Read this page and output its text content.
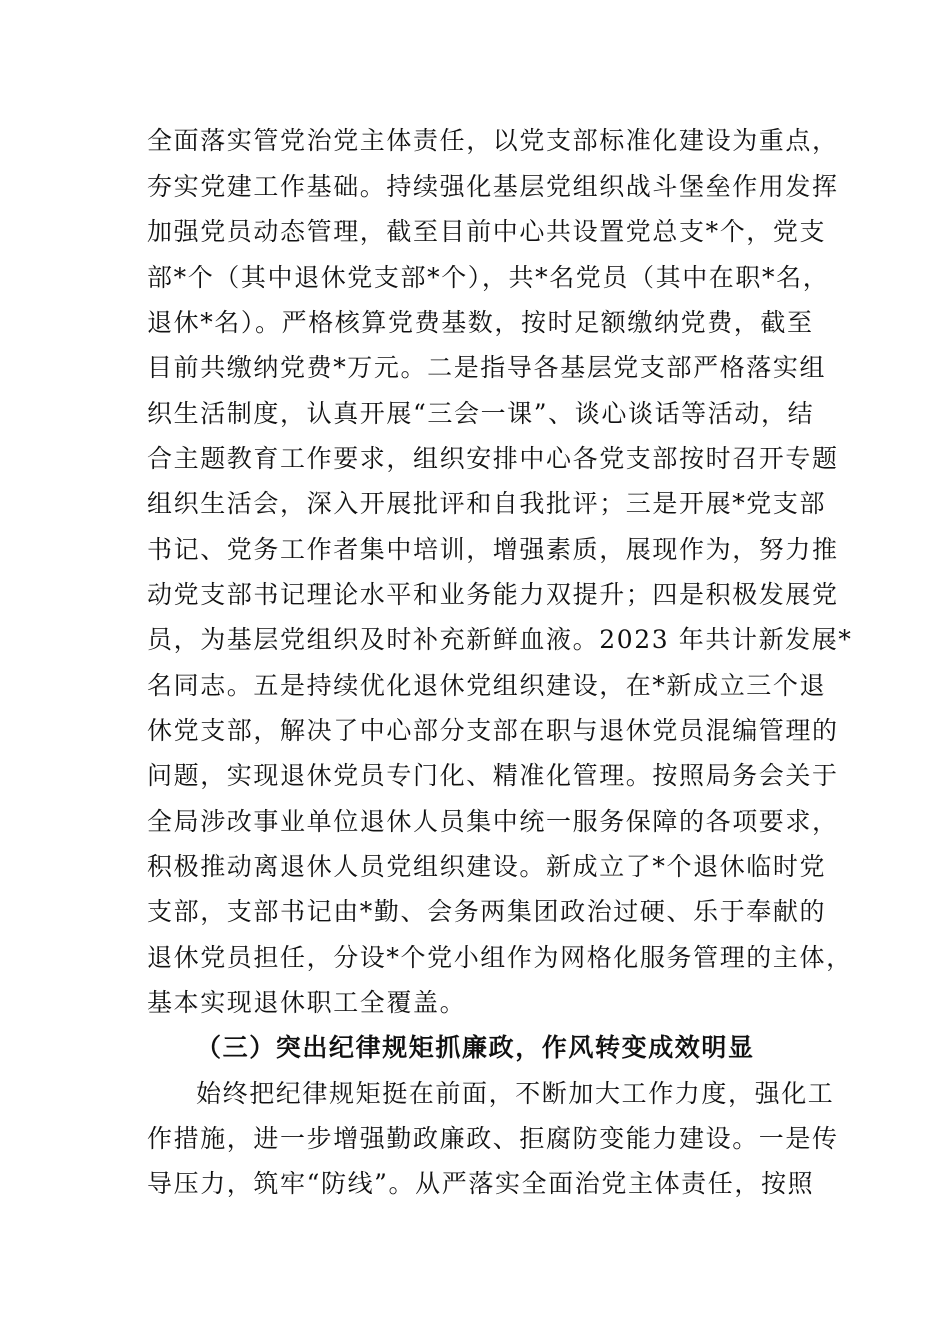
全面落实管党治党主体责任，以党支部标准化建设为重点，
夯实党建工作基础。持续强化基层党组织战斗堡垒作用发挥
加强党员动态管理，截至目前中心共设置党总支*个，党支
部*个（其中退休党支部*个），共*名党员（其中在职*名，
退休*名）。严格核算党费基数，按时足额缴纳党费，截至
目前共缴纳党费*万元。二是指导各基层党支部严格落实组
织生活制度，认真开展“三会一课”、谈心谈话等活动，结
合主题教育工作要求，组织安排中心各党支部按时召开专题
组织生活会，深入开展批评和自我批评；三是开展*党支部
书记、党务工作者集中培训，增强素质，展现作为，努力推
动党支部书记理论水平和业务能力双提升；四是积极发展党
员，为基层党组织及时补充新鲜血液。2023 年共计新发展*
名同志。五是持续优化退休党组织建设，在*新成立三个退
休党支部，解决了中心部分支部在职与退休党员混编管理的
问题，实现退休党员专门化、精准化管理。按照局务会关于
全局涉改事业单位退休人员集中统一服务保障的各项要求，
积极推动离退休人员党组织建设。新成立了*个退休临时党
支部，支部书记由*勤、会务两集团政治过硬、乐于奉献的
退休党员担任，分设*个党小组作为网格化服务管理的主体，
基本实现退休职工全覆盖。
（三）突出纪律规矩抓廉政，作风转变成效明显
始终把纪律规矩挺在前面，不断加大工作力度，强化工
作措施，进一步增强勤政廉政、拒腐防变能力建设。一是传
导压力，筑牢“防线”。从严落实全面治党主体责任，按照
